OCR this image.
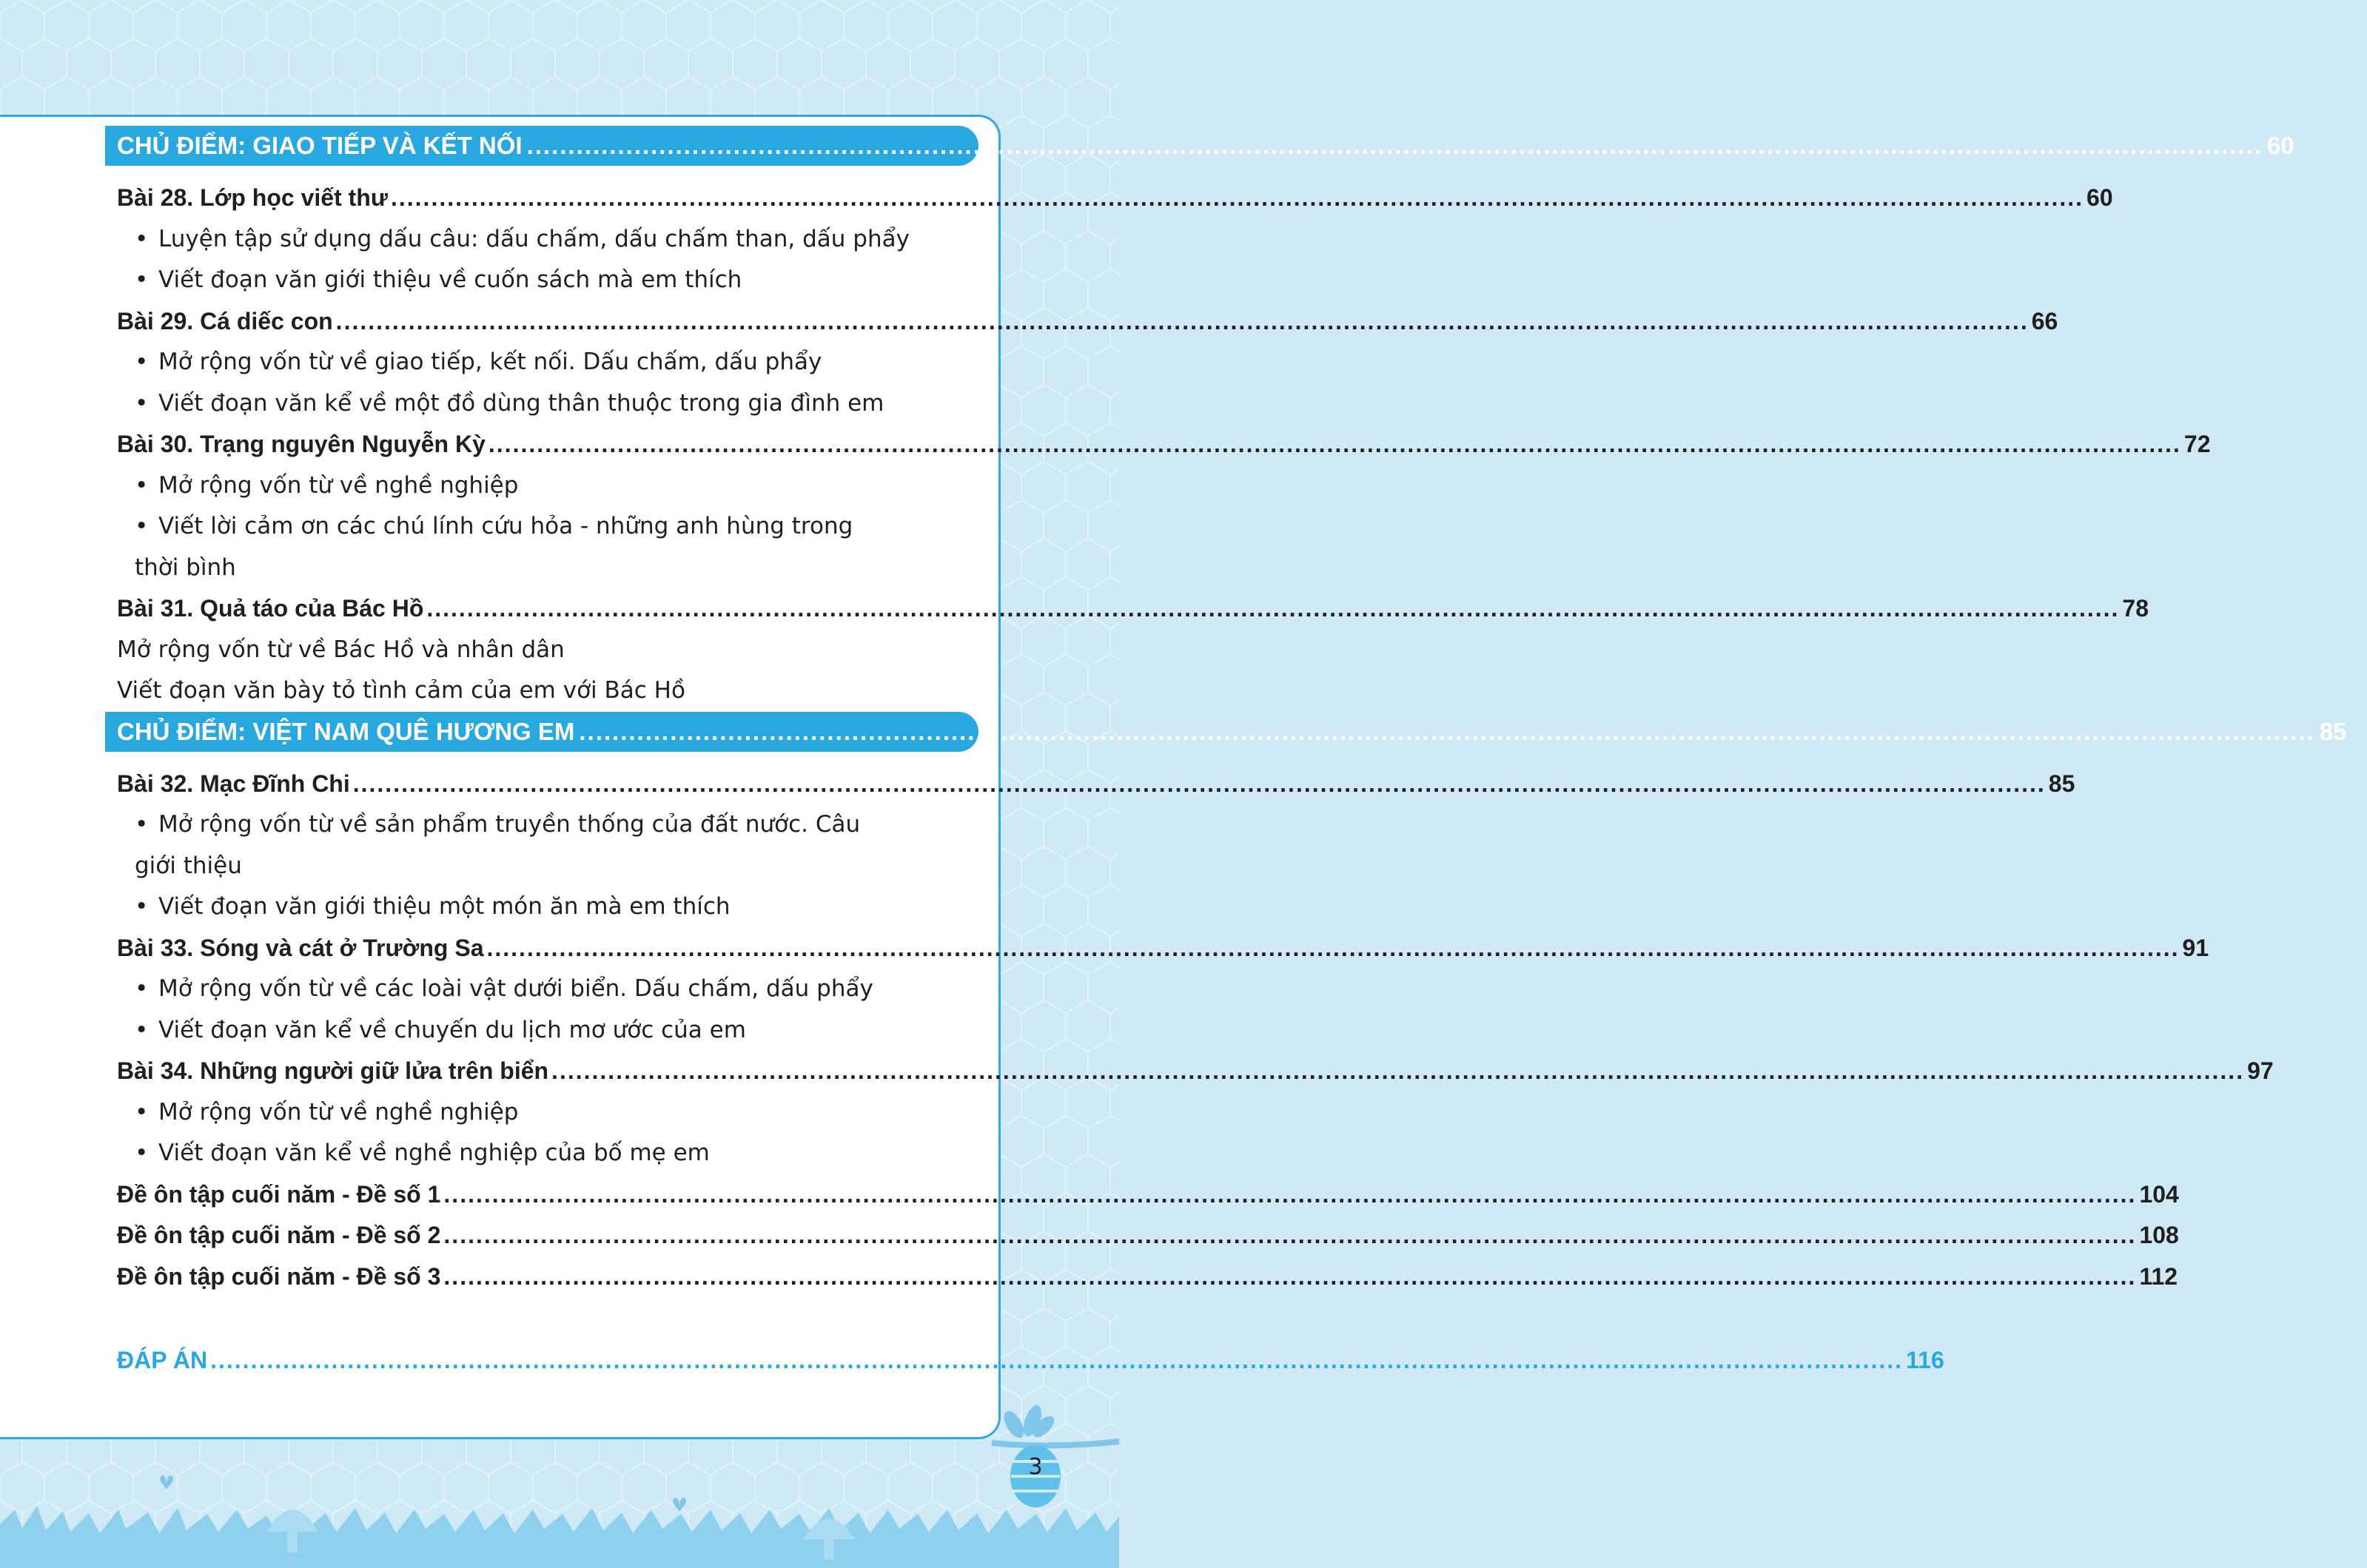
CHỦ ĐIỂM: GIAO TIẾP VÀ KẾT NỐI .................................................................................................................................................................................................................. 60
Bài 28. Lớp học viết thư .................................................................................................................................................................................................................. 60
• Luyện tập sử dụng dấu câu: dấu chấm, dấu chấm than, dấu phẩy
• Viết đoạn văn giới thiệu về cuốn sách mà em thích
Bài 29. Cá diếc con .................................................................................................................................................................................................................. 66
• Mở rộng vốn từ về giao tiếp, kết nối. Dấu chấm, dấu phẩy
• Viết đoạn văn kể về một đồ dùng thân thuộc trong gia đình em
Bài 30. Trạng nguyên Nguyễn Kỳ .................................................................................................................................................................................................................. 72
• Mở rộng vốn từ về nghề nghiệp
• Viết lời cảm ơn các chú lính cứu hỏa - những anh hùng trong
thời bình
Bài 31. Quả táo của Bác Hồ .................................................................................................................................................................................................................. 78
Mở rộng vốn từ về Bác Hồ và nhân dân
Viết đoạn văn bày tỏ tình cảm của em với Bác Hồ
CHỦ ĐIỂM: VIỆT NAM QUÊ HƯƠNG EM .................................................................................................................................................................................................................. 85
Bài 32. Mạc Đĩnh Chi .................................................................................................................................................................................................................. 85
• Mở rộng vốn từ về sản phẩm truyền thống của đất nước. Câu
giới thiệu
• Viết đoạn văn giới thiệu một món ăn mà em thích
Bài 33. Sóng và cát ở Trường Sa .................................................................................................................................................................................................................. 91
• Mở rộng vốn từ về các loài vật dưới biển. Dấu chấm, dấu phẩy
• Viết đoạn văn kể về chuyến du lịch mơ ước của em
Bài 34. Những người giữ lửa trên biển .................................................................................................................................................................................................................. 97
• Mở rộng vốn từ về nghề nghiệp
• Viết đoạn văn kể về nghề nghiệp của bố mẹ em
Đề ôn tập cuối năm - Đề số 1 .................................................................................................................................................................................................................. 104
Đề ôn tập cuối năm - Đề số 2 .................................................................................................................................................................................................................. 108
Đề ôn tập cuối năm - Đề số 3 .................................................................................................................................................................................................................. 112
ĐÁP ÁN .................................................................................................................................................................................................................. 116
3
